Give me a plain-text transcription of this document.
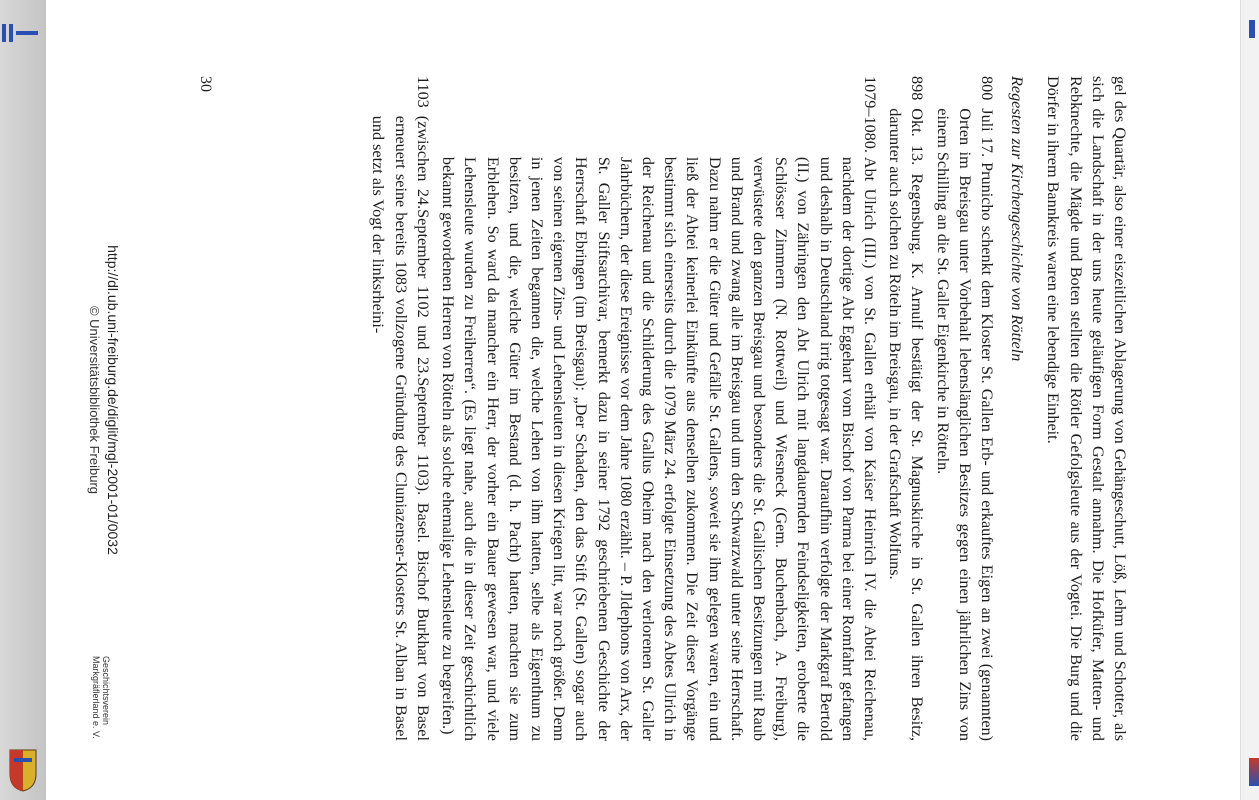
gel des Quartär, also einer eiszeitlichen Ablagerung von Gehängeschutt, Löß, Lehm und Schotter, als sich die Landschaft in der uns heute geläufigen Form Gestalt annahm. Die Hofküfer, Matten- und Rebknechte, die Mägde und Boten stellten die Rötler Gefolgsleute aus der Vogtei. Die Burg und die Dörfer in ihrem Bannkreis waren eine lebendige Einheit.

Regesten zur Kirchengeschichte von Rötteln

800
Juli 17. Prunicho schenkt dem Kloster St. Gallen Erb- und erkauftes Eigen an zwei (genannten) Orten im Breisgau unter Vorbehalt lebenslänglichen Besitzes gegen einen jährlichen Zins von einem Schilling an die St. Galler Eigenkirche in Rötteln.
898
Okt. 13. Regensburg. K. Arnulf bestätigt der St. Magnuskirche in St. Gallen ihren Besitz, darunter auch solchen zu Röteln im Breisgau, in der Grafschaft Wolfuns.
1079–1080.
Abt Ulrich (III.) von St. Gallen erhält von Kaiser Heinrich IV. die Abtei Reichenau, nachdem der dortige Abt Eggehart vom Bischof von Parma bei einer Romfahrt gefangen und deshalb in Deutschland irrig totgesagt war. Daraufhin verfolgte der Markgraf Bertold (II.) von Zähringen den Abt Ulrich mit langdauernden Feindseligkeiten, eroberte die Schlösser Zimmern (N. Rottweil) und Wiesneck (Gem. Buchenbach, A. Freiburg), verwüstete den ganzen Breisgau und besonders die St. Gallischen Besitzungen mit Raub und Brand und zwang alle im Breisgau und um den Schwarzwald unter seine Herrschaft. Dazu nahm er die Güter und Gefälle St. Gallens, soweit sie ihm gelegen waren, ein und ließ der Abtei keinerlei Einkünfte aus denselben zukommen. Die Zeit dieser Vorgänge bestimmt sich einerseits durch die 1079 März 24. erfolgte Einsetzung des Abtes Ulrich in der Reichenau und die Schilderung des Gallus Oheim nach den verlorenen St. Galler Jahrbüchern, der diese Ereignisse vor dem Jahre 1080 erzählt. – P. Jldephons von Arx, der St. Galler Stiftsarchivar, bemerkt dazu in seiner 1792 geschriebenen Geschichte der Herrschaft Ebringen (im Breisgau): „Der Schaden, den das Stift (St. Gallen) sogar auch von seinen eigenen Zins- und Lehensleuten in diesen Kriegen litt, war noch größer. Denn in jenen Zeiten begannen die, welche Lehen von ihm hatten, selbe als Eigenthum zu besitzen, und die, welche Güter im Bestand (d. h. Pacht) hatten, machten sie zum Erblehen. So ward da mancher ein Herr, der vorher ein Bauer gewesen war, und viele Lehensleute wurden zu Freiherren“. (Es liegt nahe, auch die in dieser Zeit geschichtlich bekannt gewordenen Herren von Rötteln als solche ehemalige Lehensleute zu begreifen.)
1103
(zwischen 24.September 1102 und 23.September 1103). Basel. Bischof Burkhart von Basel erneuert seine bereits 1083 vollzogene Gründung des Cluniazenser-Klosters St. Alban in Basel und setzt als Vogt der linksrheini-
30
http://dl.ub.uni-freiburg.de/diglit/mgl-2001-01/0032
© Universitätsbibliothek Freiburg
Geschichtsverein
Markgräflerland e. V.
